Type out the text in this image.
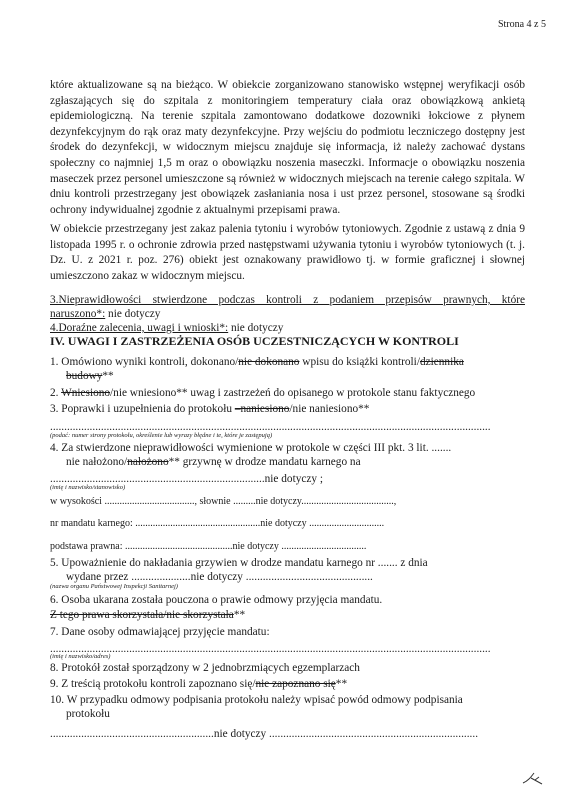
Strona 4 z 5

które aktualizowane są na bieżąco. W obiekcie zorganizowano stanowisko wstępnej weryfikacji osób zgłaszających się do szpitala z monitoringiem temperatury ciała oraz obowiązkową ankietą epidemiologiczną. Na terenie szpitala zamontowano dodatkowe dozowniki łokciowe z płynem dezynfekcyjnym do rąk oraz maty dezynfekcyjne. Przy wejściu do podmiotu leczniczego dostępny jest środek do dezynfekcji, w widocznym miejscu znajduje się informacja, iż należy zachować dystans społeczny co najmniej 1,5 m oraz o obowiązku noszenia maseczki. Informacje o obowiązku noszenia maseczek przez personel umieszczone są również w widocznych miejscach na terenie całego szpitala. W dniu kontroli przestrzegany jest obowiązek zasłaniania nosa i ust przez personel, stosowane są środki ochrony indywidualnej zgodnie z aktualnymi przepisami prawa.

W obiekcie przestrzegany jest zakaz palenia tytoniu i wyrobów tytoniowych. Zgodnie z ustawą z dnia 9 listopada 1995 r. o ochronie zdrowia przed następstwami używania tytoniu i wyrobów tytoniowych (t. j. Dz. U. z 2021 r. poz. 276) obiekt jest oznakowany prawidłowo tj. w formie graficznej i słownej umieszczono zakaz w widocznym miejscu.

3.Nieprawidłowości stwierdzone podczas kontroli z podaniem przepisów prawnych, które
naruszono*: nie dotyczy
4.Doraźne zalecenia, uwagi i wnioski*: nie dotyczy
IV. UWAGI I ZASTRZEŻENIA OSÓB UCZESTNICZĄCYCH W KONTROLI
1. Omówiono wyniki kontroli, dokonano/nie dokonano wpisu do książki kontroli/dziennika
budowy**
2. Wniesiono/nie wniesiono** uwag i zastrzeżeń do opisanego w protokole stanu faktycznego
3. Poprawki i uzupełnienia do protokołu –naniesiono/nie naniesiono**
............................................................................................................................................................
(podać: numer strony protokołu, określenie lub wyrazy błędne i te, które je zastępują)
4. Za stwierdzone nieprawidłowości wymienione w protokole w części III pkt. 3 lit. .......
nie nałożono/nałożono** grzywnę w drodze mandatu karnego na
............................................................................nie dotyczy ;
(imię i nazwisko/stanowisko)
w wysokości ...................................., słownie .........nie dotyczy.....................................,
nr mandatu karnego: ..................................................nie dotyczy ..............................
podstawa prawna: ...........................................nie dotyczy ..................................
5. Upoważnienie do nakładania grzywien w drodze mandatu karnego nr ....... z dnia
wydane przez .....................nie dotyczy .............................................
(nazwa organu Państwowej Inspekcji Sanitarnej)
6. Osoba ukarana została pouczona o prawie odmowy przyjęcia mandatu.
Z tego prawa skorzystała/nie skorzystała**
7. Dane osoby odmawiającej przyjęcie mandatu:
............................................................................................................................................................
(imię i nazwisko/adres)
8. Protokół został sporządzony w 2 jednobrzmiących egzemplarzach
9. Z treścią protokołu kontroli zapoznano się/nie zapoznano się**
10. W przypadku odmowy podpisania protokołu należy wpisać powód odmowy podpisania
protokołu
..........................................................nie dotyczy ..........................................................................
